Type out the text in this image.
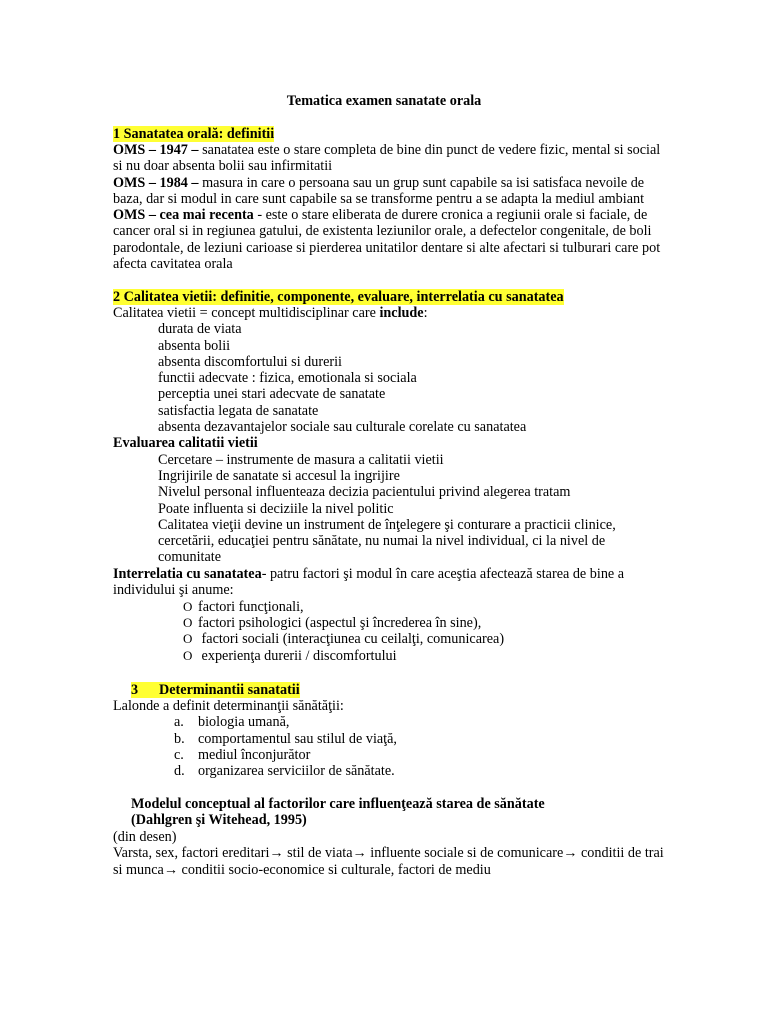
Tematica examen sanatate orala
1 Sanatatea orală: definitii
OMS – 1947 – sanatatea este o stare completa de bine din punct de vedere fizic, mental si social
si nu doar absenta bolii sau infirmitatii
OMS – 1984 – masura in care o persoana sau un grup sunt capabile sa isi satisfaca nevoile de
baza, dar si modul in care sunt capabile sa se transforme pentru a se adapta la mediul ambiant
OMS – cea mai recenta - este o stare eliberata de durere cronica a regiunii orale si faciale, de
cancer oral si in regiunea gatului, de existenta leziunilor orale, a defectelor congenitale, de boli
parodontale, de leziuni carioase si pierderea unitatilor dentare si alte afectari si tulburari care pot
afecta cavitatea orala
2 Calitatea vietii: definitie, componente, evaluare, interrelatia cu sanatatea
Calitatea vietii = concept multidisciplinar care include:
durata de viata
absenta bolii
absenta discomfortului si durerii
functii adecvate : fizica, emotionala si sociala
perceptia unei stari adecvate de sanatate
satisfactia legata de sanatate
absenta dezavantajelor sociale sau culturale corelate cu sanatatea
Evaluarea calitatii vietii
Cercetare – instrumente de masura a calitatii vietii
Ingrijirile de sanatate si accesul la ingrijire
Nivelul personal influenteaza decizia pacientului privind alegerea tratam
Poate influenta si deciziile la nivel politic
Calitatea vieţii devine un instrument de înţelegere şi conturare a practicii clinice,
cercetării, educaţiei pentru sănătate, nu numai la nivel individual, ci la nivel de
comunitate
Interrelatia cu sanatatea- patru factori şi modul în care aceştia afectează starea de bine a
individului şi anume:
O factori funcţionali,
O factori psihologici (aspectul şi încrederea în sine),
O factori sociali (interacţiunea cu ceilalţi, comunicarea)
O experienţa durerii / discomfortului
3 Determinantii sanatatii
Lalonde a definit determinanţii sănătăţii:
a. biologia umană,
b. comportamentul sau stilul de viaţă,
c. mediul înconjurător
d. organizarea serviciilor de sănătate.
Modelul conceptual al factorilor care influenţează starea de sănătate
(Dahlgren şi Witehead, 1995)
(din desen)
Varsta, sex, factori ereditari→ stil de viata→ influente sociale si de comunicare→ conditii de trai
si munca→ conditii socio-economice si culturale, factori de mediu
